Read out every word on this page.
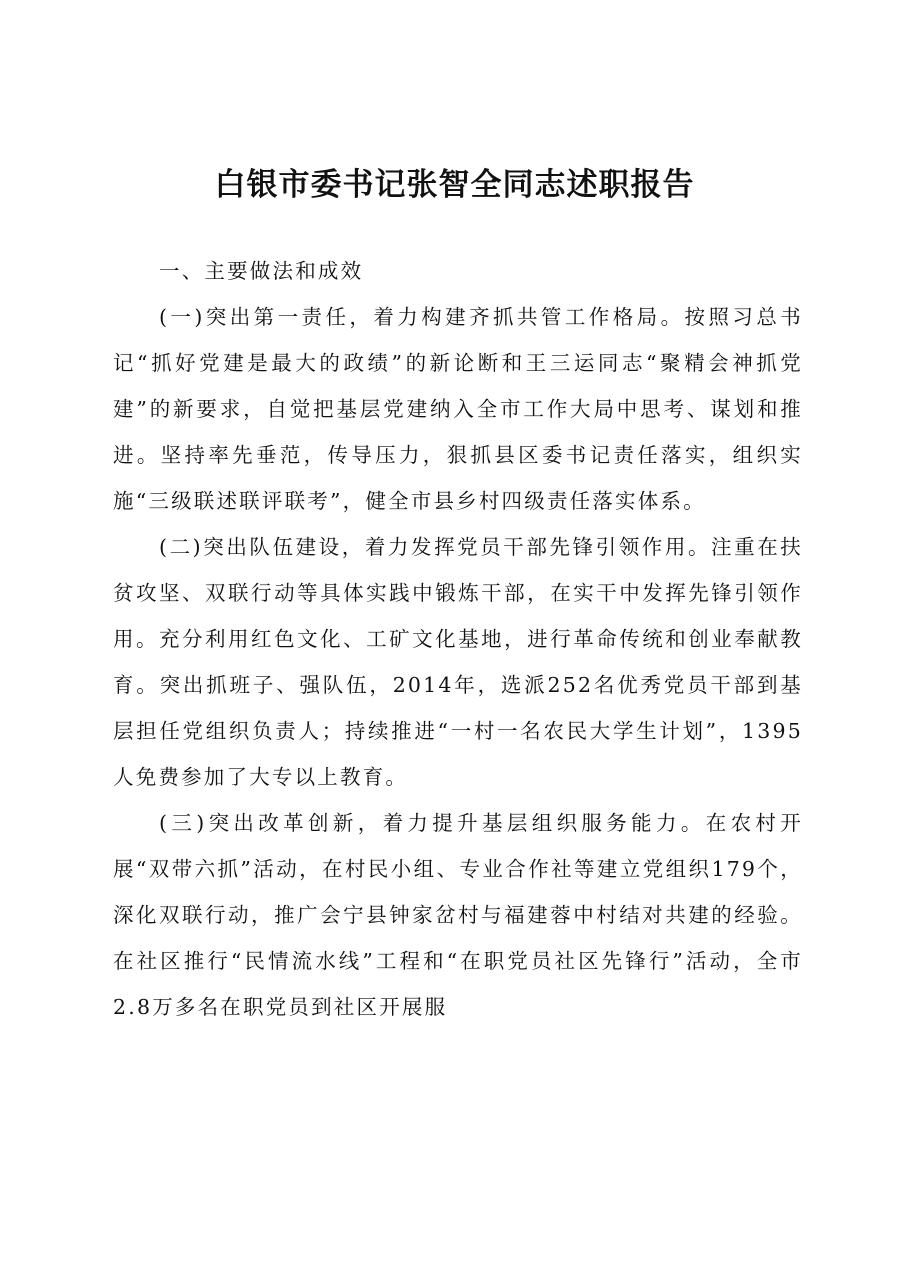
白银市委书记张智全同志述职报告

一、主要做法和成效

(一)突出第一责任，着力构建齐抓共管工作格局。按照习总书记“抓好党建是最大的政绩”的新论断和王三运同志“聚精会神抓党建”的新要求，自觉把基层党建纳入全市工作大局中思考、谋划和推进。坚持率先垂范，传导压力，狠抓县区委书记责任落实，组织实施“三级联述联评联考”，健全市县乡村四级责任落实体系。

(二)突出队伍建设，着力发挥党员干部先锋引领作用。注重在扶贫攻坚、双联行动等具体实践中锻炼干部，在实干中发挥先锋引领作用。充分利用红色文化、工矿文化基地，进行革命传统和创业奉献教育。突出抓班子、强队伍，2014年，选派252名优秀党员干部到基层担任党组织负责人；持续推进“一村一名农民大学生计划”，1395人免费参加了大专以上教育。

(三)突出改革创新，着力提升基层组织服务能力。在农村开展“双带六抓”活动，在村民小组、专业合作社等建立党组织179个，深化双联行动，推广会宁县钟家岔村与福建蓉中村结对共建的经验。在社区推行“民情流水线”工程和“在职党员社区先锋行”活动，全市2.8万多名在职党员到社区开展服
